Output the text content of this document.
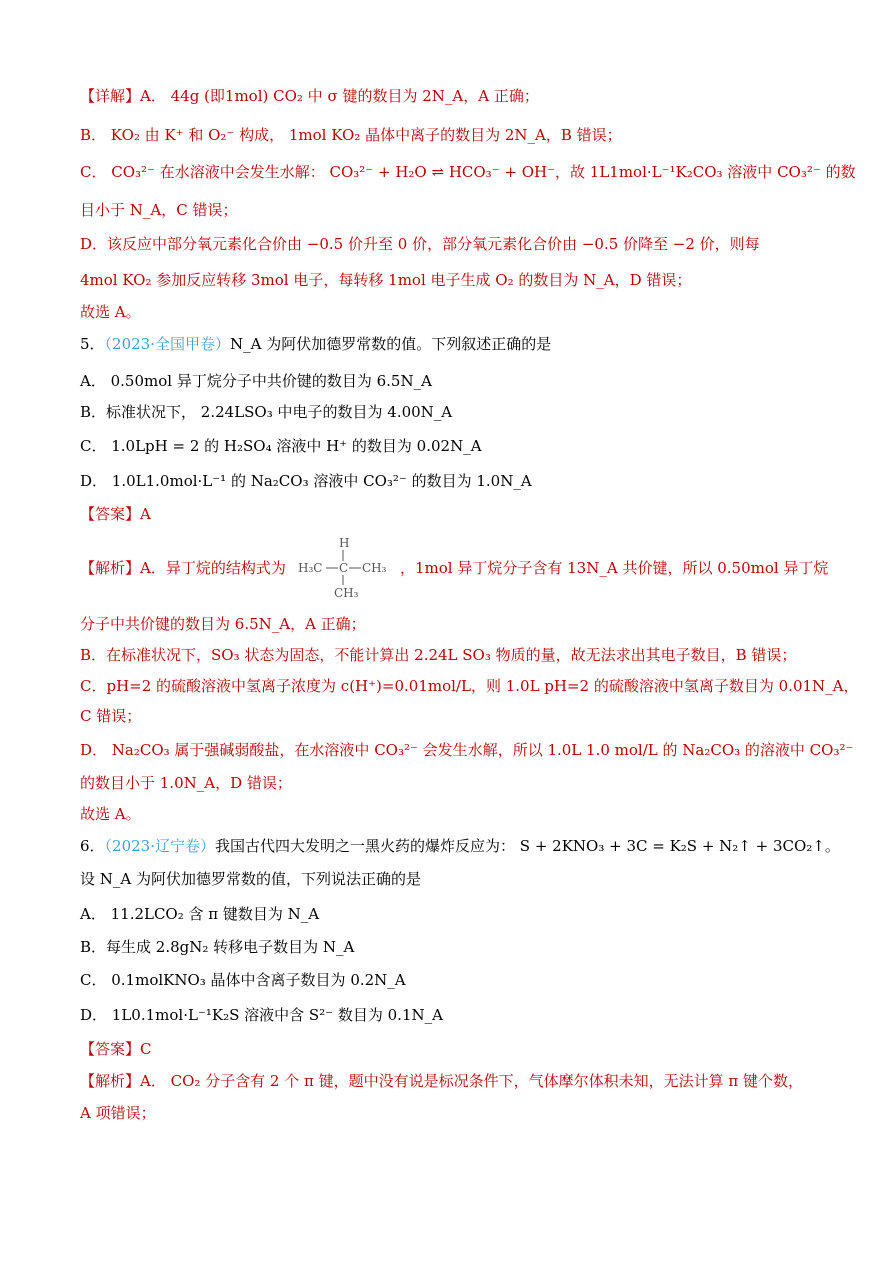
【详解】A． 44g (即1mol) CO₂ 中 σ 键的数目为 2N_A，A 正确；
B． KO₂ 由 K⁺ 和 O₂⁻ 构成， 1mol KO₂ 晶体中离子的数目为 2N_A，B 错误；
C． CO₃²⁻ 在水溶液中会发生水解： CO₃²⁻ + H₂O ⇌ HCO₃⁻ + OH⁻，故 1L1mol·L⁻¹K₂CO₃ 溶液中 CO₃²⁻ 的数
目小于 N_A，C 错误；
D．该反应中部分氧元素化合价由 −0.5 价升至 0 价，部分氧元素化合价由 −0.5 价降至 −2 价，则每
4mol KO₂ 参加反应转移 3mol 电子，每转移 1mol 电子生成 O₂ 的数目为 N_A，D 错误；
故选 A。
5．（2023·全国甲卷）N_A 为阿伏加德罗常数的值。下列叙述正确的是
A． 0.50mol 异丁烷分子中共价键的数目为 6.5N_A
B．标准状况下， 2.24LSO₃ 中电子的数目为 4.00N_A
C． 1.0LpH = 2 的 H₂SO₄ 溶液中 H⁺ 的数目为 0.02N_A
D． 1.0L1.0mol·L⁻¹ 的 Na₂CO₃ 溶液中 CO₃²⁻ 的数目为 1.0N_A
【答案】A
【解析】A．异丁烷的结构式为
H
H₃C C CH₃
CH₃
，1mol 异丁烷分子含有 13N_A 共价键，所以 0.50mol 异丁烷
分子中共价键的数目为 6.5N_A，A 正确；
B．在标准状况下，SO₃ 状态为固态，不能计算出 2.24L SO₃ 物质的量，故无法求出其电子数目，B 错误；
C．pH=2 的硫酸溶液中氢离子浓度为 c(H⁺)=0.01mol/L，则 1.0L pH=2 的硫酸溶液中氢离子数目为 0.01N_A，
C 错误；
D． Na₂CO₃ 属于强碱弱酸盐，在水溶液中 CO₃²⁻ 会发生水解，所以 1.0L 1.0 mol/L 的 Na₂CO₃ 的溶液中 CO₃²⁻
的数目小于 1.0N_A，D 错误；
故选 A。
6．（2023·辽宁卷）我国古代四大发明之一黑火药的爆炸反应为： S + 2KNO₃ + 3C = K₂S + N₂↑ + 3CO₂↑。
设 N_A 为阿伏加德罗常数的值，下列说法正确的是
A． 11.2LCO₂ 含 π 键数目为 N_A
B．每生成 2.8gN₂ 转移电子数目为 N_A
C． 0.1molKNO₃ 晶体中含离子数目为 0.2N_A
D． 1L0.1mol·L⁻¹K₂S 溶液中含 S²⁻ 数目为 0.1N_A
【答案】C
【解析】A． CO₂ 分子含有 2 个 π 键，题中没有说是标况条件下，气体摩尔体积未知，无法计算 π 键个数，
A 项错误；
